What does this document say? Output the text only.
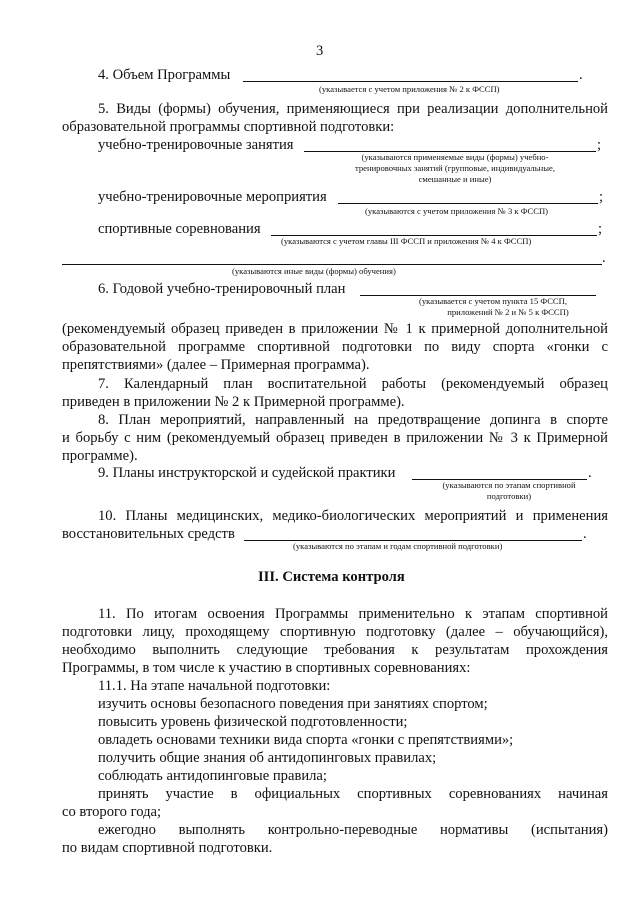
3
4. Объем Программы	.
(указывается с учетом приложения № 2 к ФССП)
5. Виды (формы) обучения, применяющиеся при реализации дополнительной
образовательной программы спортивной подготовки:
учебно-тренировочные занятия	;
(указываются применяемые виды (формы) учебно-
тренировочных занятий (групповые, индивидуальные,
смешанные и иные)
учебно-тренировочные мероприятия	;
(указываются с учетом приложения № 3 к ФССП)
спортивные соревнования	;
(указываются с учетом главы III ФССП и приложения № 4 к ФССП)
.
(указываются иные виды (формы) обучения)
6. Годовой учебно-тренировочный план
(указывается с учетом пункта 15 ФССП,
приложений № 2 и № 5 к ФССП)
(рекомендуемый образец приведен в приложении № 1 к примерной дополнительной
образовательной программе спортивной подготовки по виду спорта «гонки с
препятствиями» (далее – Примерная программа).
7. Календарный план воспитательной работы (рекомендуемый образец
приведен в приложении № 2 к Примерной программе).
8. План мероприятий, направленный на предотвращение допинга в спорте
и борьбу с ним (рекомендуемый образец приведен в приложении № 3 к Примерной
программе).
9. Планы инструкторской и судейской практики	.
(указываются по этапам спортивной
подготовки)
10. Планы медицинских, медико-биологических мероприятий и применения
восстановительных средств	.
(указываются по этапам и годам спортивной подготовки)
III. Система контроля
11. По итогам освоения Программы применительно к этапам спортивной
подготовки лицу, проходящему спортивную подготовку (далее – обучающийся),
необходимо выполнить следующие требования к результатам прохождения
Программы, в том числе к участию в спортивных соревнованиях:
11.1. На этапе начальной подготовки:
изучить основы безопасного поведения при занятиях спортом;
повысить уровень физической подготовленности;
овладеть основами техники вида спорта «гонки с препятствиями»;
получить общие знания об антидопинговых правилах;
соблюдать антидопинговые правила;
принять участие в официальных спортивных соревнованиях начиная
со второго года;
ежегодно выполнять контрольно-переводные нормативы (испытания)
по видам спортивной подготовки.
